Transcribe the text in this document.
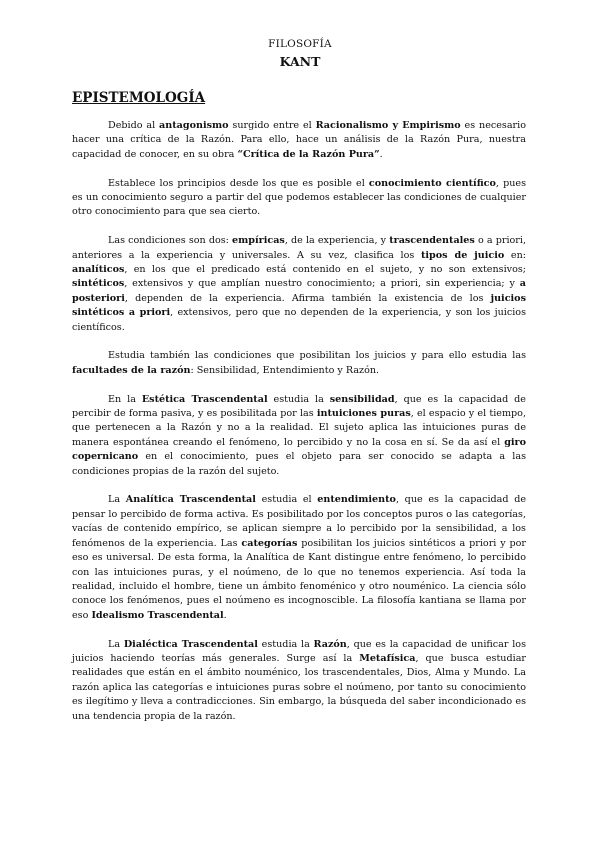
FILOSOFÍA
KANT
EPISTEMOLOGÍA

Debido al antagonismo surgido entre el Racionalismo y Empirismo es necesario hacer una crítica de la Razón. Para ello, hace un análisis de la Razón Pura, nuestra capacidad de conocer, en su obra “Crítica de la Razón Pura”.

Establece los principios desde los que es posible el conocimiento científico, pues es un conocimiento seguro a partir del que podemos establecer las condiciones de cualquier otro conocimiento para que sea cierto.

Las condiciones son dos: empíricas, de la experiencia, y trascendentales o a priori, anteriores a la experiencia y universales. A su vez, clasifica los tipos de juicio en: analíticos, en los que el predicado está contenido en el sujeto, y no son extensivos; sintéticos, extensivos y que amplían nuestro conocimiento; a priori, sin experiencia; y a posteriori, dependen de la experiencia. Afirma también la existencia de los juicios sintéticos a priori, extensivos, pero que no dependen de la experiencia, y son los juicios científicos.

Estudia también las condiciones que posibilitan los juicios y para ello estudia las facultades de la razón: Sensibilidad, Entendimiento y Razón.

En la Estética Trascendental estudia la sensibilidad, que es la capacidad de percibir de forma pasiva, y es posibilitada por las intuiciones puras, el espacio y el tiempo, que pertenecen a la Razón y no a la realidad. El sujeto aplica las intuiciones puras de manera espontánea creando el fenómeno, lo percibido y no la cosa en sí. Se da así el giro copernicano en el conocimiento, pues el objeto para ser conocido se adapta a las condiciones propias de la razón del sujeto.

La Analítica Trascendental estudia el entendimiento, que es la capacidad de pensar lo percibido de forma activa. Es posibilitado por los conceptos puros o las categorías, vacías de contenido empírico, se aplican siempre a lo percibido por la sensibilidad, a los fenómenos de la experiencia. Las categorías posibilitan los juicios sintéticos a priori y por eso es universal. De esta forma, la Analítica de Kant distingue entre fenómeno, lo percibido con las intuiciones puras, y el noúmeno, de lo que no tenemos experiencia. Así toda la realidad, incluido el hombre, tiene un ámbito fenoménico y otro nouménico. La ciencia sólo conoce los fenómenos, pues el noúmeno es incognoscible. La filosofía kantiana se llama por eso Idealismo Trascendental.

La Dialéctica Trascendental estudia la Razón, que es la capacidad de unificar los juicios haciendo teorías más generales. Surge así la Metafísica, que busca estudiar realidades que están en el ámbito nouménico, los trascendentales, Dios, Alma y Mundo. La razón aplica las categorías e intuiciones puras sobre el noúmeno, por tanto su conocimiento es ilegítimo y lleva a contradicciones. Sin embargo, la búsqueda del saber incondicionado es una tendencia propia de la razón.
